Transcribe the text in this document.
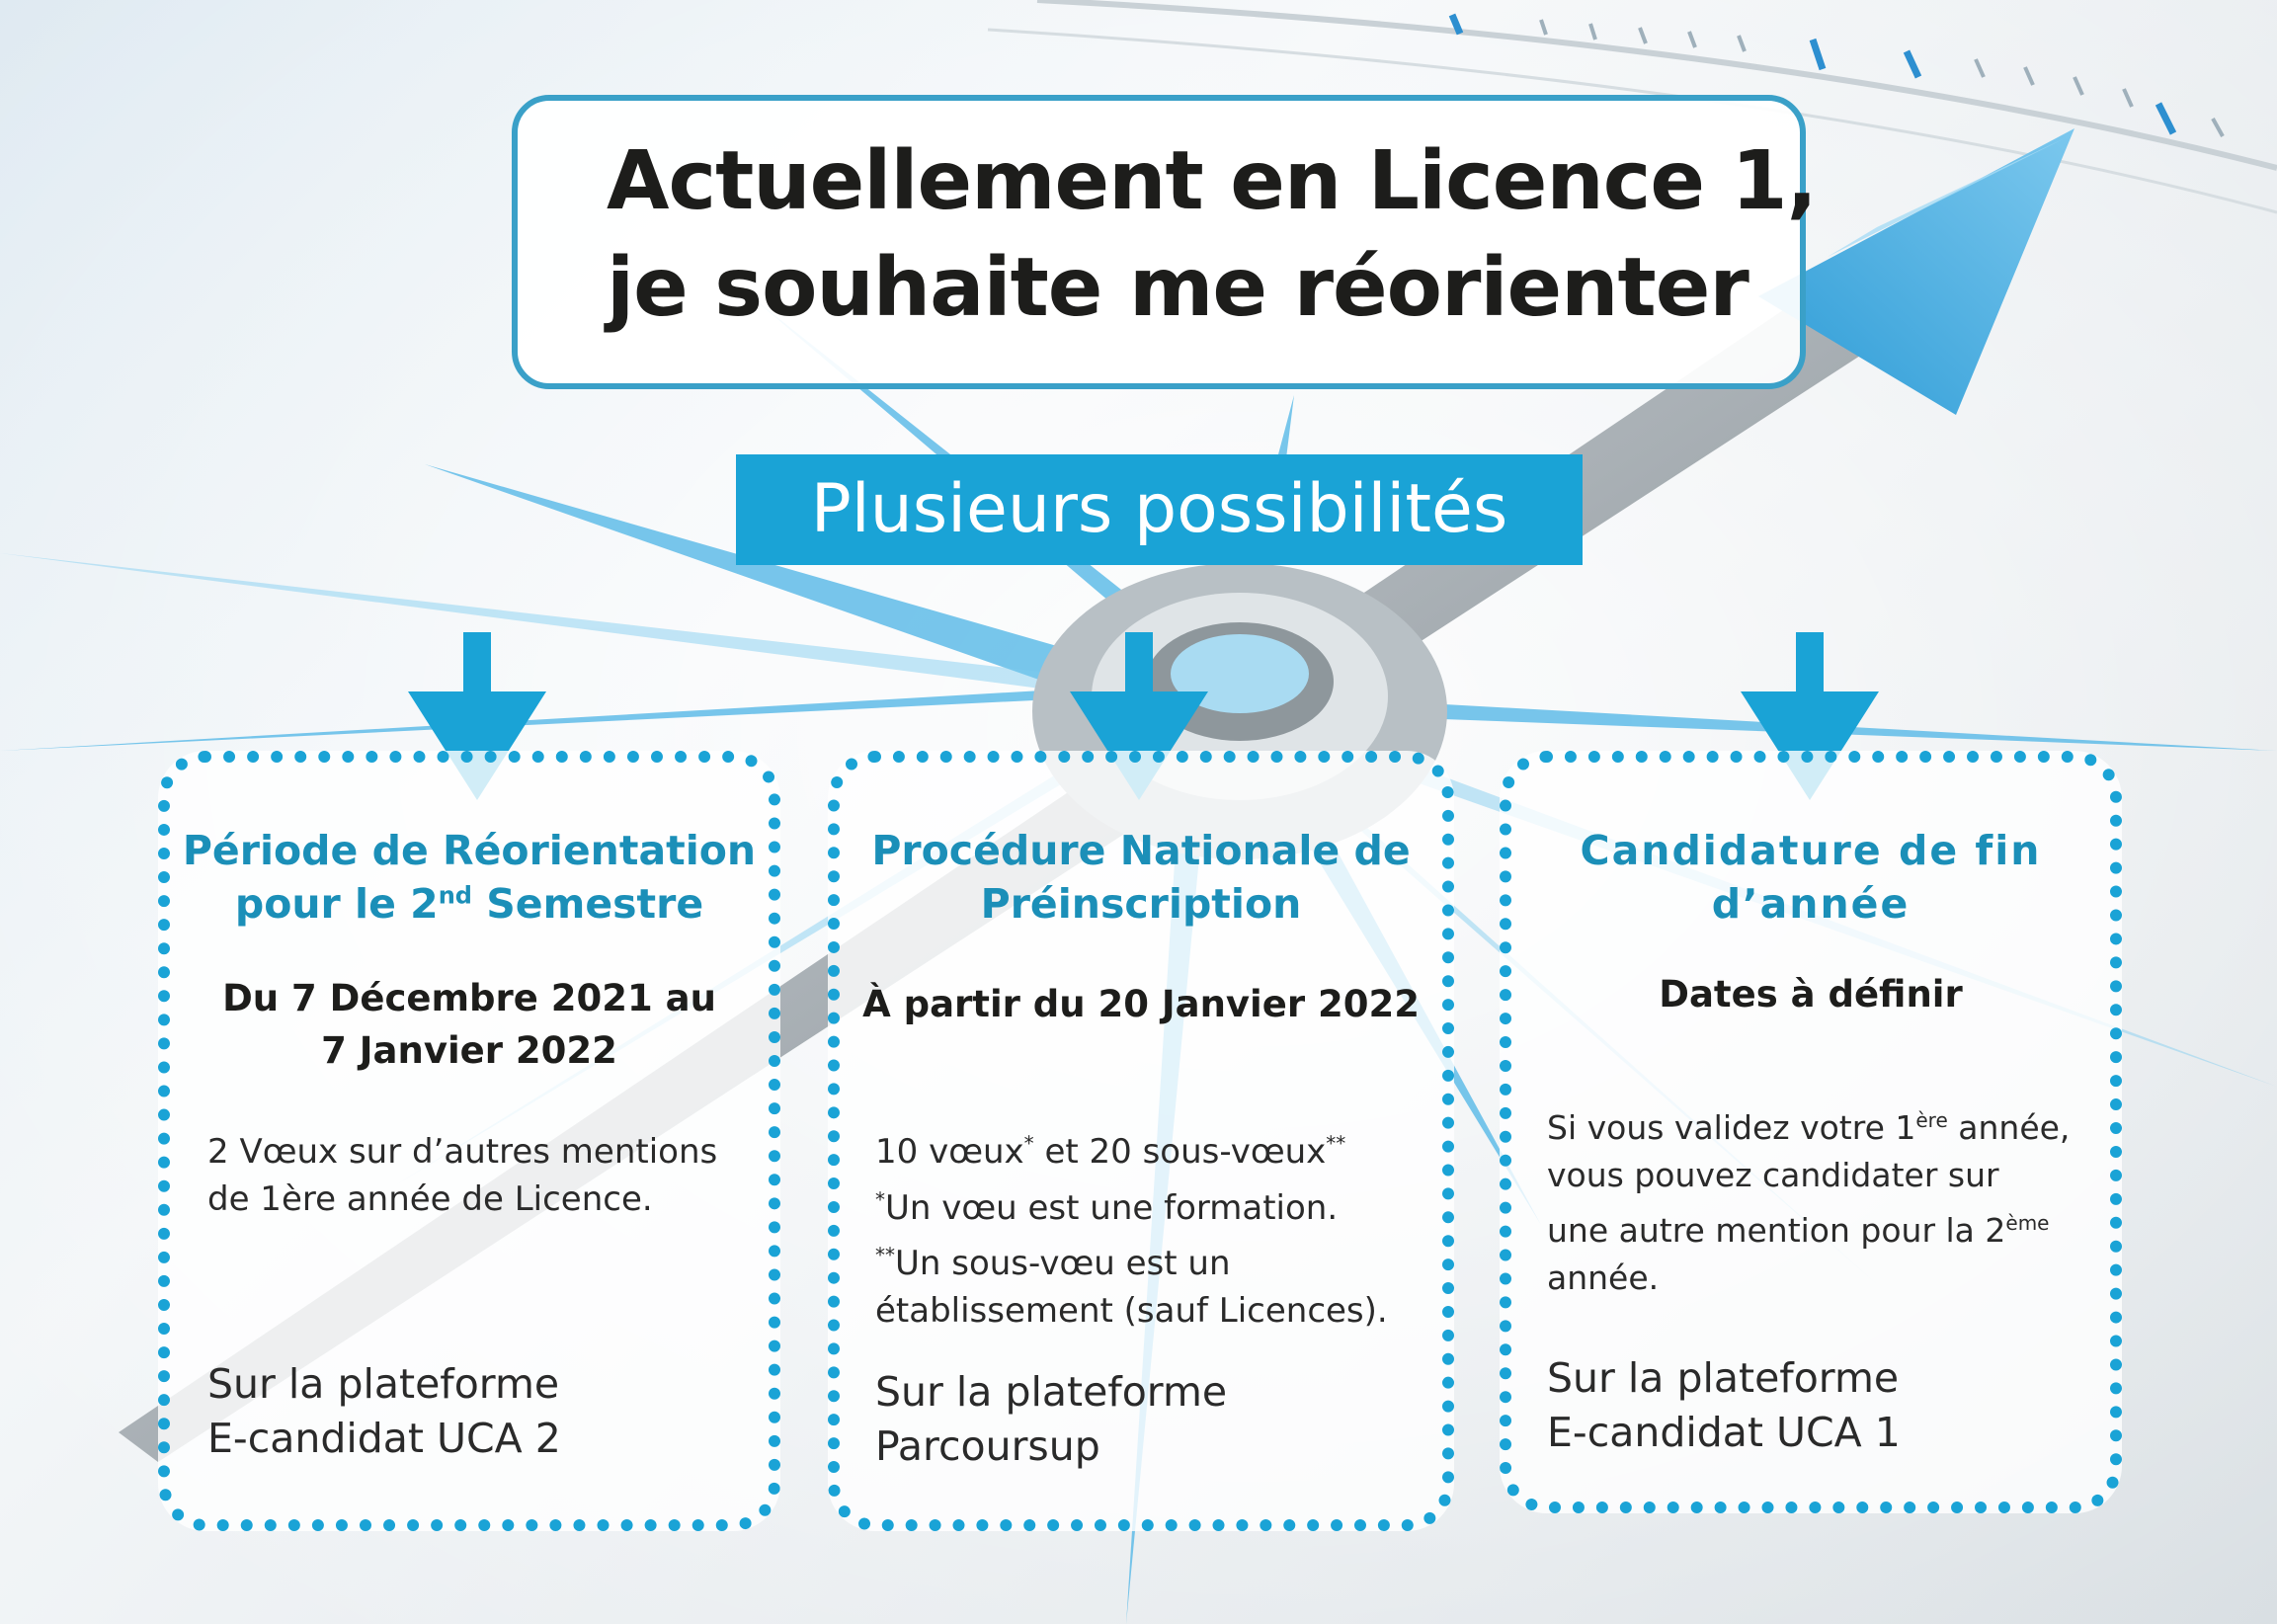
Actuellement en Licence 1,
je souhaite me réorienter
Plusieurs possibilités
Période de Réorientation
pour le 2nd Semestre
Du 7 Décembre 2021 au
7 Janvier 2022
2 Vœux sur d’autres mentions
de 1ère année de Licence.
Sur la plateforme
E-candidat UCA 2
Procédure Nationale de
Préinscription
À partir du 20 Janvier 2022
10 vœux* et 20 sous-vœux**
*Un vœu est une formation.
**Un sous-vœu est un
établissement (sauf Licences).
Sur la plateforme
Parcoursup
Candidature de fin
d’année
Dates à définir
Si vous validez votre 1ère année,
vous pouvez candidater sur
une autre mention pour la 2ème
année.
Sur la plateforme
E-candidat UCA 1
